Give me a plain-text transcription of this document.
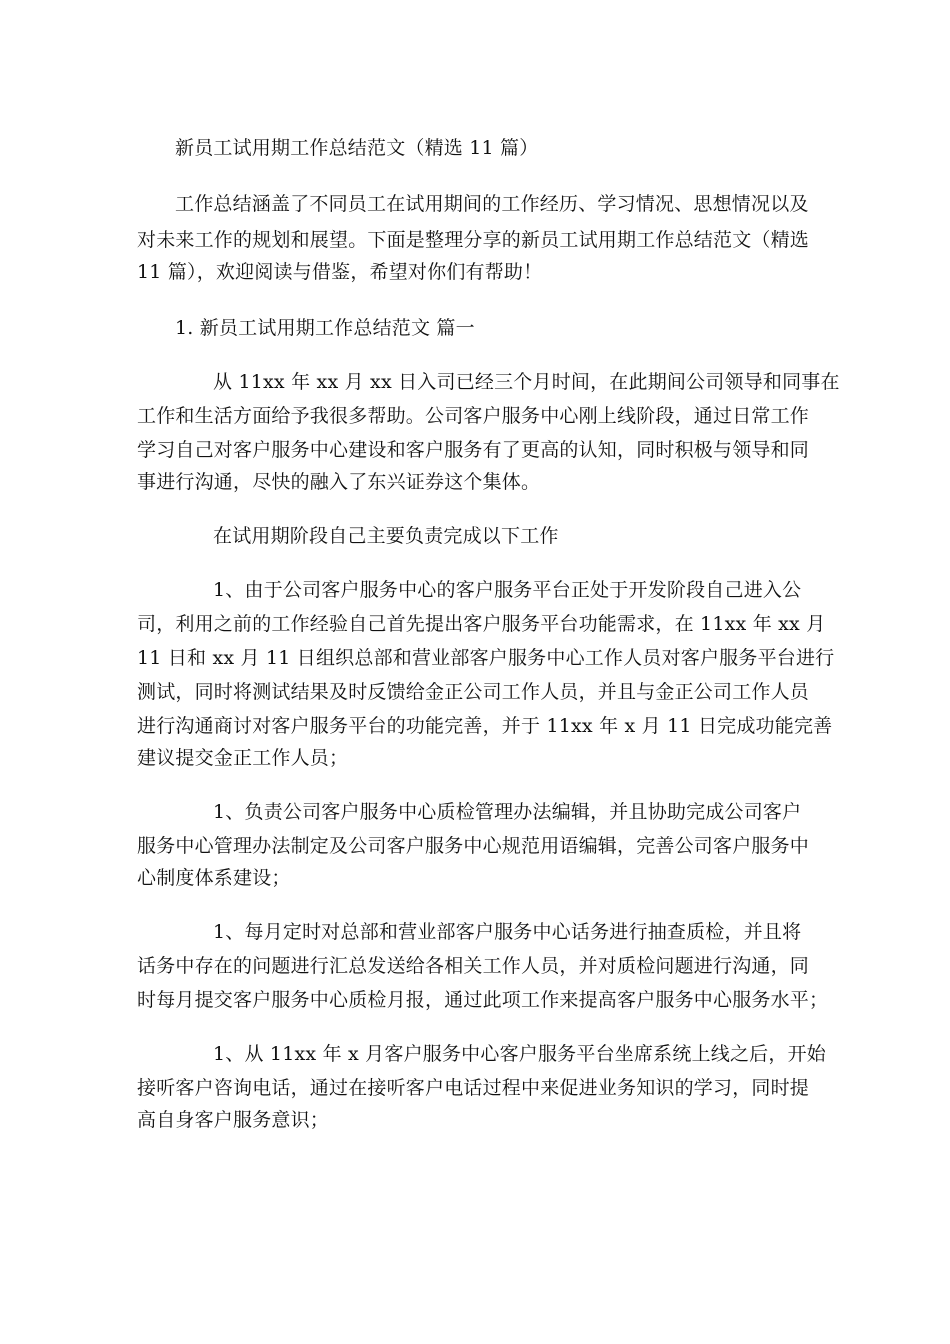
新员工试用期工作总结范文（精选 11 篇）
工作总结涵盖了不同员工在试用期间的工作经历、学习情况、思想情况以及
对未来工作的规划和展望。下面是整理分享的新员工试用期工作总结范文（精选
11 篇），欢迎阅读与借鉴，希望对你们有帮助！
1. 新员工试用期工作总结范文 篇一
从 11xx 年 xx 月 xx 日入司已经三个月时间，在此期间公司领导和同事在
工作和生活方面给予我很多帮助。公司客户服务中心刚上线阶段，通过日常工作
学习自己对客户服务中心建设和客户服务有了更高的认知，同时积极与领导和同
事进行沟通，尽快的融入了东兴证券这个集体。
在试用期阶段自己主要负责完成以下工作
1、由于公司客户服务中心的客户服务平台正处于开发阶段自己进入公
司，利用之前的工作经验自己首先提出客户服务平台功能需求，在 11xx 年 xx 月
11 日和 xx 月 11 日组织总部和营业部客户服务中心工作人员对客户服务平台进行
测试，同时将测试结果及时反馈给金正公司工作人员，并且与金正公司工作人员
进行沟通商讨对客户服务平台的功能完善，并于 11xx 年 x 月 11 日完成功能完善
建议提交金正工作人员；
1、负责公司客户服务中心质检管理办法编辑，并且协助完成公司客户
服务中心管理办法制定及公司客户服务中心规范用语编辑，完善公司客户服务中
心制度体系建设；
1、每月定时对总部和营业部客户服务中心话务进行抽查质检，并且将
话务中存在的问题进行汇总发送给各相关工作人员，并对质检问题进行沟通，同
时每月提交客户服务中心质检月报，通过此项工作来提高客户服务中心服务水平；
1、从 11xx 年 x 月客户服务中心客户服务平台坐席系统上线之后，开始
接听客户咨询电话，通过在接听客户电话过程中来促进业务知识的学习，同时提
高自身客户服务意识；
